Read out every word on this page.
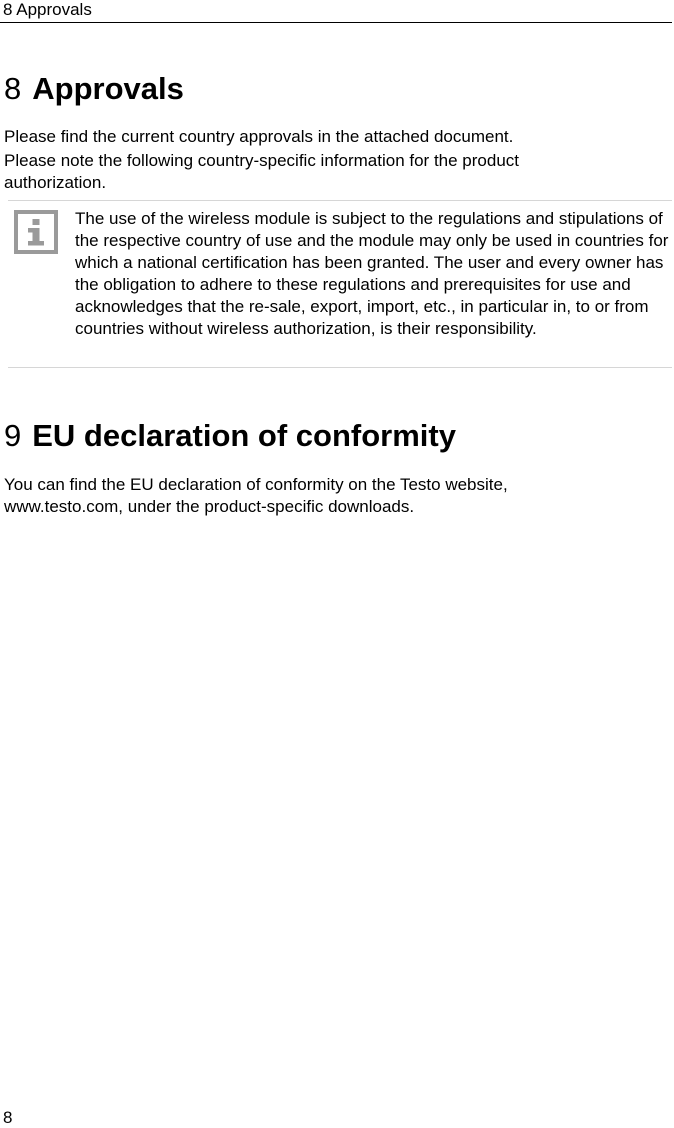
8 Approvals
8 Approvals
Please find the current country approvals in the attached document.
Please note the following country-specific information for the product authorization.
The use of the wireless module is subject to the regulations and stipulations of the respective country of use and the module may only be used in countries for which a national certification has been granted. The user and every owner has the obligation to adhere to these regulations and prerequisites for use and acknowledges that the re-sale, export, import, etc., in particular in, to or from countries without wireless authorization, is their responsibility.
9 EU declaration of conformity
You can find the EU declaration of conformity on the Testo website, www.testo.com, under the product-specific downloads.
8
